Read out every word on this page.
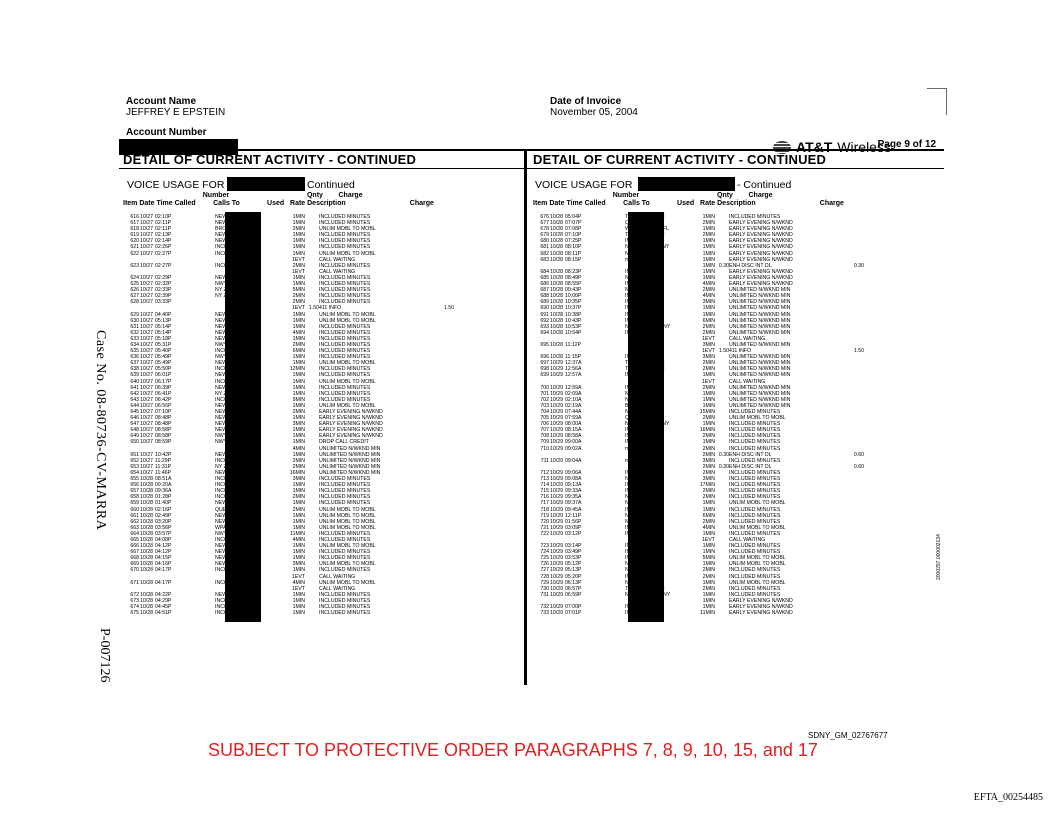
Account Name
JEFFREY E EPSTEIN
Account Number
Date of Invoice
November 05, 2004
AT&T Wireless
Page 9 of 12
DETAIL OF CURRENT ACTIVITY - CONTINUED
VOICE USAGE FOR	Continued
Number                                        Qnty        Charge
Item Date Time Called         Calls To              Used   Rate Description                                 Charge
616 10/27 02:10P	NEW YORK NY	1MIN	INCLUDED MINUTES
617 10/27 02:11P	NEW YORK NY	1MIN	INCLUDED MINUTES
618 10/27 02:11P	BROOKLYN NY	2MIN	UNLIM MOBL TO MOBL
619 10/27 02:13P	NEW YORK NY	1MIN	INCLUDED MINUTES
620 10/27 02:14P	NEW YORK NY	1MIN	INCLUDED MINUTES
621 10/27 02:26P	INCOMING	1MIN	INCLUDED MINUTES
622 10/27 02:27P	INCOMING	1MIN	UNLIM MOBL TO MOBL
1EVT	CALL WAITING
623 10/27 02:27P	INCOMING	2MIN	INCLUDED MINUTES
1EVT	CALL WAITING
624 10/27 02:29P	NEW YORK NY	1MIN	INCLUDED MINUTES
625 10/27 02:32P	NWYRCYZN01 NY	1MIN	INCLUDED MINUTES
626 10/27 02:33P	NY ZONE 1 NY	5MIN	INCLUDED MINUTES
627 10/27 02:39P	NY ZONE 1 NY	2MIN	INCLUDED MINUTES
628 10/27 03:33P	2MIN	INCLUDED MINUTES
1EVT 1.50 411 INFO	1.50
629 10/27 04:40P	NEW YORK NY	1MIN	UNLIM MOBL TO MOBL
630 10/27 05:13P	NEW YORK NY	1MIN	UNLIM MOBL TO MOBL
631 10/27 05:14P	NEW YORK NY	1MIN	INCLUDED MINUTES
632 10/27 05:14P	NEW YORK NY	4MIN	INCLUDED MINUTES
633 10/27 05:18P	NEW YORK NY	1MIN	INCLUDED MINUTES
634 10/27 05:31P	NWYRCYZN01 NY	2MIN	INCLUDED MINUTES
635 10/27 05:40P	INCOMING	6MIN	INCLUDED MINUTES
636 10/27 05:49P	NWYRCYZN01 NY	1MIN	INCLUDED MINUTES
637 10/27 05:49P	NEW YORK NY	1MIN	UNLIM MOBL TO MOBL
638 10/27 05:50P	INCOMING	12MIN	INCLUDED MINUTES
639 10/27 06:01P	NEW YORK NY	1MIN	INCLUDED MINUTES
640 10/27 06:17P	INCOMING	1MIN	UNLIM MOBL TO MOBL
641 10/27 06:39P	NEW YORK NY	1MIN	INCLUDED MINUTES
642 10/27 06:41P	NY ZONE 1 NY	1MIN	INCLUDED MINUTES
643 10/27 06:42P	INCOMING	9MIN	INCLUDED MINUTES
644 10/27 06:56P	NEW YORK NY	1MIN	UNLIM MOBL TO MOBL
645 10/27 07:10P	NEWYORKZN1 NY	2MIN	EARLY EVENING N/WKND
646 10/27 08:48P	NEW YORK NY	1MIN	EARLY EVENING N/WKND
647 10/27 08:48P	NEW YORK NY	3MIN	EARLY EVENING N/WKND
648 10/27 08:58P	NEW YORK NY	1MIN	EARLY EVENING N/WKND
649 10/27 08:58P	NWYRCYZN01 NY	1MIN	EARLY EVENING N/WKND
650 10/27 08:59P	NWYRCYZN01 NY	1MIN	DROP CALL CREDIT
4MIN	UNLIMITED N/WKND MIN
651 10/27 10:42P	NEW YORK NY	1MIN	UNLIMITED N/WKND MIN
652 10/27 11:29P	INCOMING	2MIN	UNLIMITED N/WKND MIN
653 10/27 11:31P	NY ZONE 1 NY	2MIN	UNLIMITED N/WKND MIN
654 10/27 11:46P	NEWYORKZN1 NY	16MIN	UNLIMITED N/WKND MIN
655 10/28 08:51A	INCOMING	3MIN	INCLUDED MINUTES
656 10/28 09:20A	INCOMING	1MIN	INCLUDED MINUTES
657 10/28 09:36A	INCOMING	1MIN	INCLUDED MINUTES
658 10/28 01:28P	INCOMING	2MIN	INCLUDED MINUTES
659 10/28 01:40P	NEW YORK NY	1MIN	INCLUDED MINUTES
660 10/28 02:16P	QUEENS NY	2MIN	UNLIM MOBL TO MOBL
661 10/28 02:49P	NEW YORK NY	1MIN	UNLIM MOBL TO MOBL
662 10/28 03:20P	NEW YORK NY	1MIN	UNLIM MOBL TO MOBL
663 10/28 03:56P	WPALMBEACH FL	1MIN	UNLIM MOBL TO MOBL
664 10/28 03:57P	NWYRCYZN01 NY	11MIN	INCLUDED MINUTES
665 10/28 04:08P	INCOMING	4MIN	INCLUDED MINUTES
666 10/28 04:12P	NEW YORK NY	1MIN	UNLIM MOBL TO MOBL
667 10/28 04:12P	NEW YORK NY	1MIN	INCLUDED MINUTES
668 10/28 04:15P	NEW YORK NY	1MIN	INCLUDED MINUTES
669 10/28 04:16P	NEW YORK NY	3MIN	UNLIM MOBL TO MOBL
670 10/28 04:17P	INCOMING	1MIN	INCLUDED MINUTES
1EVT	CALL WAITING
671 10/28 04:17P	INCOMING	4MIN	UNLIM MOBL TO MOBL
1EVT	CALL WAITING
672 10/28 04:22P	NEW YORK NY	1MIN	INCLUDED MINUTES
673 10/28 04:29P	INCOMING	1MIN	INCLUDED MINUTES
674 10/28 04:45P	INCOMING	1MIN	INCLUDED MINUTES
675 10/28 04:51P	INCOMING	1MIN	INCLUDED MINUTES
DETAIL OF CURRENT ACTIVITY - CONTINUED
VOICE USAGE FOR	- Continued
Number                                        Qnty        Charge
Item Date Time Called         Calls To              Used   Rate Description                                 Charge
676 10/28 05:04P	TWINCITIES MN	1MIN	INCLUDED MINUTES
677 10/28 07:07P	QUEENS NY	2MIN	EARLY EVENING N/WKND
678 10/28 07:08P	WPALMBEACH FL	1MIN	EARLY EVENING N/WKND
679 10/28 07:10P	TWINCITIES MN	2MIN	EARLY EVENING N/WKND
680 10/28 07:25P	INCOMING	1MIN	EARLY EVENING N/WKND
681 10/28 08:10P	NWYRCYZN01 NY	1MIN	EARLY EVENING N/WKND
682 10/28 08:11P	NY ZONE 1 NY	1MIN	EARLY EVENING N/WKND
683 10/28 08:15P	mobile AUT	1MIN	EARLY EVENING N/WKND
1MIN 0.30 ENH DISC INT DL	0.30
684 10/28 08:23P	INCOMING	1MIN	EARLY EVENING N/WKND
685 10/28 08:49P	NEW YORK NY	1MIN	EARLY EVENING N/WKND
686 10/28 08:55P	INCOMING	4MIN	EARLY EVENING N/WKND
687 10/28 09:43P	NEW YORK NY	2MIN	UNLIMITED N/WKND MIN
688 10/28 10:00P	INCOMING	4MIN	UNLIMITED N/WKND MIN
689 10/28 10:35P	INCOMING	3MIN	UNLIMITED N/WKND MIN
690 10/28 10:37P	INCOMING	1MIN	UNLIMITED N/WKND MIN
691 10/28 10:38P	INCOMING	1MIN	UNLIMITED N/WKND MIN
692 10/28 10:43P	INCOMING	6MIN	UNLIMITED N/WKND MIN
693 10/28 10:53P	NEWYORKZN1 NY	2MIN	UNLIMITED N/WKND MIN
694 10/28 10:54P	INCOMING	2MIN	UNLIMITED N/WKND MIN
1EVT	CALL WAITING
695 10/28 11:12P	3MIN	UNLIMITED N/WKND MIN
1EVT 1.50 411 INFO	1.50
696 10/28 11:15P	INCOMING	3MIN	UNLIMITED N/WKND MIN
697 10/29 12:37A	TWINCITIES MN	2MIN	UNLIMITED N/WKND MIN
698 10/29 12:56A	TWINCITIES MN	2MIN	UNLIMITED N/WKND MIN
699 10/29 12:57A	INCOMING	1MIN	UNLIMITED N/WKND MIN
1EVT	CALL WAITING
700 10/29 12:59A	INCOMING	2MIN	UNLIMITED N/WKND MIN
701 10/29 02:09A	NEW YORK NY	1MIN	UNLIMITED N/WKND MIN
702 10/29 02:10A	NEW YORK NY	1MIN	UNLIMITED N/WKND MIN
703 10/29 02:19A	BROOKLYN NY	1MIN	UNLIMITED N/WKND MIN
704 10/29 07:44A	NEW YORK NY	15MIN	INCLUDED MINUTES
705 10/29 07:59A	QUEENS NY	2MIN	UNLIM MOBL TO MOBL
706 10/29 08:00A	NWYRCYZN01 NY	1MIN	INCLUDED MINUTES
707 10/29 08:15A	INCOMING	16MIN	INCLUDED MINUTES
708 10/29 08:58A	INCOMING	2MIN	INCLUDED MINUTES
709 10/29 09:00A	INCOMING	1MIN	INCLUDED MINUTES
710 10/29 09:02A	mobile AUT	2MIN	INCLUDED MINUTES
2MIN 0.30 ENH DISC INT DL	0.60
711 10/29 09:04A	mobile AUT	3MIN	INCLUDED MINUTES
2MIN 0.30 ENH DISC INT DL	0.60
712 10/29 09:06A	INCOMING	2MIN	INCLUDED MINUTES
713 10/29 09:08A	NEW YORK NY	3MIN	INCLUDED MINUTES
714 10/29 09:13A	INCOMING	17MIN	INCLUDED MINUTES
715 10/29 09:33A	INCOMING	2MIN	INCLUDED MINUTES
716 10/29 09:35A	NEW YORK NY	2MIN	INCLUDED MINUTES
717 10/29 09:37A	NEW YORK NY	1MIN	UNLIM MOBL TO MOBL
718 10/29 09:45A	INCOMING	1MIN	INCLUDED MINUTES
719 10/29 12:11P	NY ZONE 1 NY	6MIN	INCLUDED MINUTES
720 10/29 01:56P	NEW YORK NY	2MIN	INCLUDED MINUTES
721 10/29 03:09P	INCOMING	4MIN	UNLIM MOBL TO MOBL
722 10/29 03:12P	INCOMING	1MIN	INCLUDED MINUTES
1EVT	CALL WAITING
723 10/29 03:14P	INCOMING	1MIN	INCLUDED MINUTES
724 10/29 03:49P	INCOMING	1MIN	INCLUDED MINUTES
725 10/29 03:53P	INCOMING	5MIN	UNLIM MOBL TO MOBL
726 10/29 05:12P	NEW YORK NY	1MIN	UNLIM MOBL TO MOBL
727 10/29 05:13P	NY ZONE 1 NY	2MIN	INCLUDED MINUTES
728 10/29 05:20P	INCOMING	2MIN	INCLUDED MINUTES
729 10/29 06:13P	NEW YORK NY	1MIN	UNLIM MOBL TO MOBL
730 10/29 06:57P	TWINCITIES MN	2MIN	INCLUDED MINUTES
731 10/29 06:59P	NEWYORKZN1 NY	1MIN	INCLUDED MINUTES
1MIN	EARLY EVENING N/WKND
732 10/29 07:00P	INCOMING	1MIN	EARLY EVENING N/WKND
733 10/29 07:01P	INCOMING	11MIN	EARLY EVENING N/WKND
Case No. 08-80736-CV-MARRA
P-007126
2000297.000002134
SDNY_GM_02767677
SUBJECT TO PROTECTIVE ORDER PARAGRAPHS 7, 8, 9, 10, 15, and 17
EFTA_00254485
